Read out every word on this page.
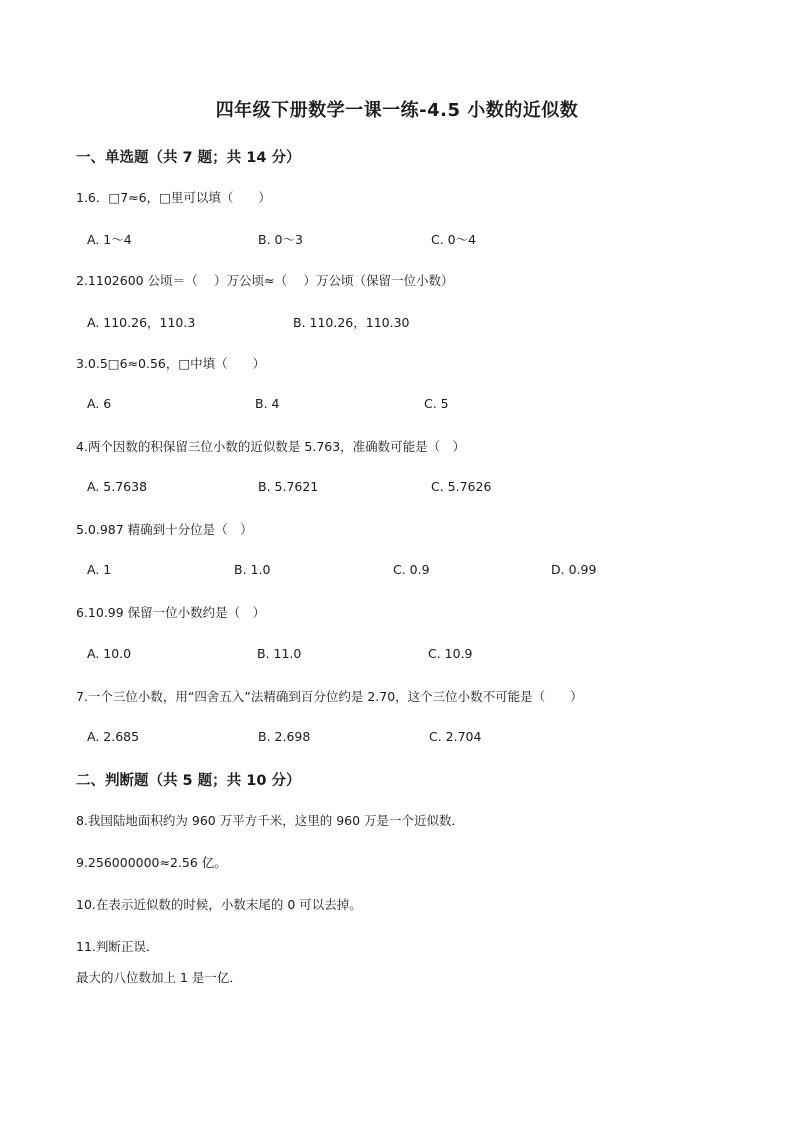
四年级下册数学一课一练-4.5 小数的近似数
一、单选题（共 7 题；共 14 分）
1.6．□7≈6，□里可以填（　　）
A. 1～4	B. 0～3	C. 0～4
2.1102600 公顷＝（　 ）万公顷≈（　 ）万公顷（保留一位小数）
A. 110.26，110.3	B. 110.26，110.30
3.0.5□6≈0.56，□中填（　　）
A. 6	B. 4	C. 5
4.两个因数的积保留三位小数的近似数是 5.763，准确数可能是（　）
A. 5.7638	B. 5.7621	C. 5.7626
5.0.987 精确到十分位是（　）
A. 1	B. 1.0	C. 0.9	D. 0.99
6.10.99 保留一位小数约是（　）
A. 10.0	B. 11.0	C. 10.9
7.一个三位小数，用“四舍五入”法精确到百分位约是 2.70，这个三位小数不可能是（　　）
A. 2.685	B. 2.698	C. 2.704
二、判断题（共 5 题；共 10 分）
8.我国陆地面积约为 960 万平方千米，这里的 960 万是一个近似数．
9.256000000≈2.56 亿。
10.在表示近似数的时候，小数末尾的 0 可以去掉。
11.判断正误．
最大的八位数加上 1 是一亿．
